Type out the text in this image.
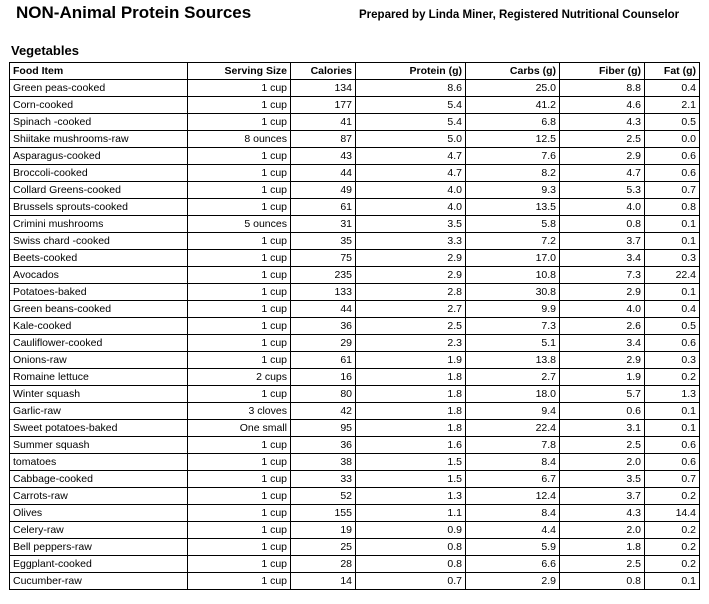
NON-Animal Protein Sources	Prepared by Linda Miner, Registered Nutritional Counselor
Vegetables
Food Item	Serving Size	Calories	Protein (g)	Carbs (g)	Fiber (g)	Fat (g)
Green peas-cooked	1 cup	134	8.6	25.0	8.8	0.4
Corn-cooked	1 cup	177	5.4	41.2	4.6	2.1
Spinach -cooked	1 cup	41	5.4	6.8	4.3	0.5
Shiitake mushrooms-raw	8 ounces	87	5.0	12.5	2.5	0.0
Asparagus-cooked	1 cup	43	4.7	7.6	2.9	0.6
Broccoli-cooked	1 cup	44	4.7	8.2	4.7	0.6
Collard Greens-cooked	1 cup	49	4.0	9.3	5.3	0.7
Brussels sprouts-cooked	1 cup	61	4.0	13.5	4.0	0.8
Crimini mushrooms	5 ounces	31	3.5	5.8	0.8	0.1
Swiss chard -cooked	1 cup	35	3.3	7.2	3.7	0.1
Beets-cooked	1 cup	75	2.9	17.0	3.4	0.3
Avocados	1 cup	235	2.9	10.8	7.3	22.4
Potatoes-baked	1 cup	133	2.8	30.8	2.9	0.1
Green beans-cooked	1 cup	44	2.7	9.9	4.0	0.4
Kale-cooked	1 cup	36	2.5	7.3	2.6	0.5
Cauliflower-cooked	1 cup	29	2.3	5.1	3.4	0.6
Onions-raw	1 cup	61	1.9	13.8	2.9	0.3
Romaine lettuce	2 cups	16	1.8	2.7	1.9	0.2
Winter squash	1 cup	80	1.8	18.0	5.7	1.3
Garlic-raw	3 cloves	42	1.8	9.4	0.6	0.1
Sweet potatoes-baked	One small	95	1.8	22.4	3.1	0.1
Summer squash	1 cup	36	1.6	7.8	2.5	0.6
tomatoes	1 cup	38	1.5	8.4	2.0	0.6
Cabbage-cooked	1 cup	33	1.5	6.7	3.5	0.7
Carrots-raw	1 cup	52	1.3	12.4	3.7	0.2
Olives	1 cup	155	1.1	8.4	4.3	14.4
Celery-raw	1 cup	19	0.9	4.4	2.0	0.2
Bell peppers-raw	1 cup	25	0.8	5.9	1.8	0.2
Eggplant-cooked	1 cup	28	0.8	6.6	2.5	0.2
Cucumber-raw	1 cup	14	0.7	2.9	0.8	0.1
